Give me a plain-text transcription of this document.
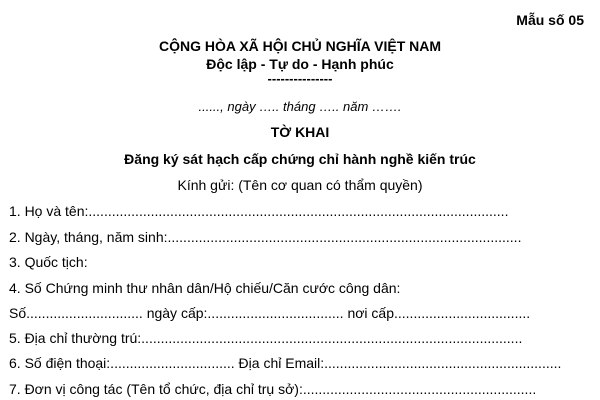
Mẫu số 05
CỘNG HÒA XÃ HỘI CHỦ NGHĨA VIỆT NAM
Độc lập - Tự do - Hạnh phúc
---------------
......, ngày ….. tháng ….. năm …….
TỜ KHAI
Đăng ký sát hạch cấp chứng chỉ hành nghề kiến trúc
Kính gửi: (Tên cơ quan có thẩm quyền)
1. Họ và tên:............................................................................................................
2. Ngày, tháng, năm sinh:...........................................................................................
3. Quốc tịch:
4. Số Chứng minh thư nhân dân/Hộ chiếu/Căn cước công dân:
Số.............................. ngày cấp:................................... nơi cấp...................................
5. Địa chỉ thường trú:..................................................................................................
6. Số điện thoại:................................ Địa chỉ Email:.............................................................
7. Đơn vị công tác (Tên tổ chức, địa chỉ trụ sở):............................................................
